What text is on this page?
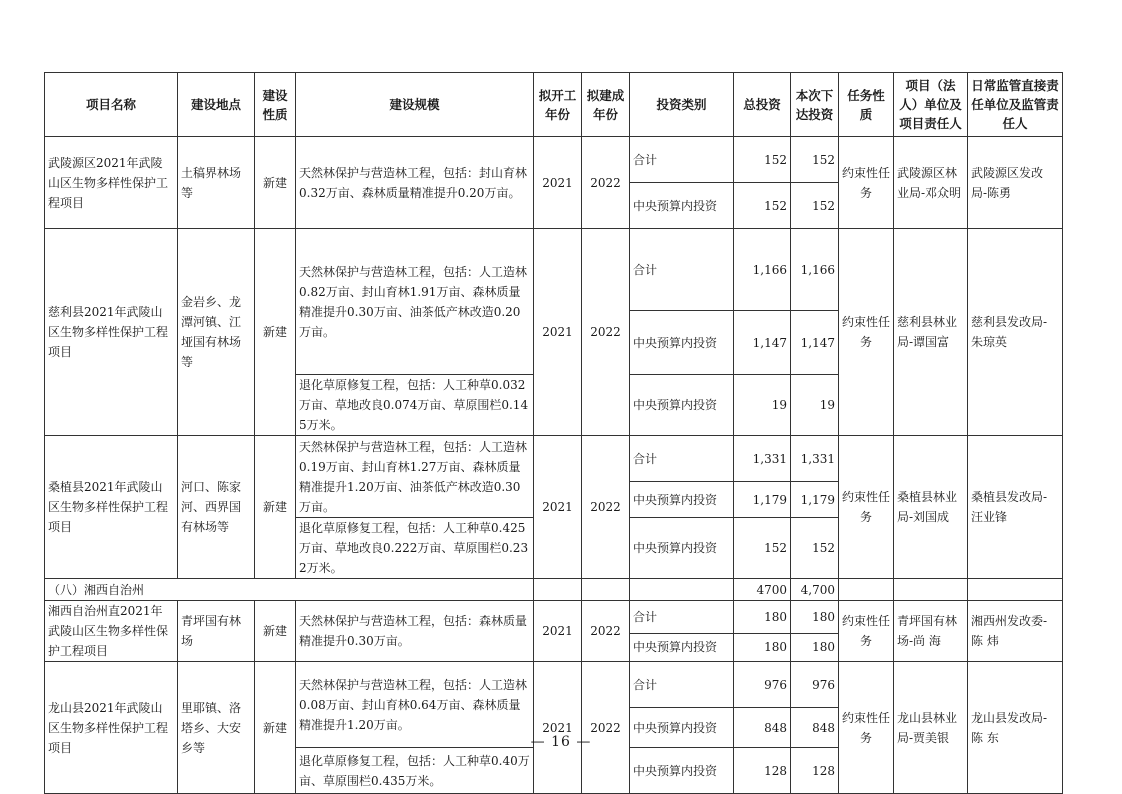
项目名称	建设地点	建设性质	建设规模	拟开工年份	拟建成年份	投资类别	总投资	本次下达投资	任务性质	项目（法人）单位及项目责任人	日常监管直接责任单位及监管责任人
武陵源区2021年武陵山区生物多样性保护工程项目	土稿界林场等	新建	天然林保护与营造林工程，包括：封山育林0.32万亩、森林质量精准提升0.20万亩。	2021	2022	合计	152	152	约束性任务	武陵源区林业局-邓众明	武陵源区发改局-陈勇
						中央预算内投资	152	152			
慈利县2021年武陵山区生物多样性保护工程项目	金岩乡、龙潭河镇、江垭国有林场等	新建	天然林保护与营造林工程，包括：人工造林0.82万亩、封山育林1.91万亩、森林质量精准提升0.30万亩、油茶低产林改造0.20万亩。	2021	2022	合计	1,166	1,166	约束性任务	慈利县林业局-谭国富	慈利县发改局-朱琼英
						中央预算内投资	1,147	1,147			
			退化草原修复工程，包括：人工种草0.032万亩、草地改良0.074万亩、草原围栏0.145万米。			中央预算内投资	19	19			
桑植县2021年武陵山区生物多样性保护工程项目	河口、陈家河、西界国有林场等	新建	天然林保护与营造林工程，包括：人工造林0.19万亩、封山育林1.27万亩、森林质量精准提升1.20万亩、油茶低产林改造0.30万亩。	2021	2022	合计	1,331	1,331	约束性任务	桑植县林业局-刘国成	桑植县发改局-汪业锋
						中央预算内投资	1,179	1,179			
			退化草原修复工程，包括：人工种草0.425万亩、草地改良0.222万亩、草原围栏0.232万米。			中央预算内投资	152	152			
（八）湘西自治州							4700	4,700			
湘西自治州直2021年武陵山区生物多样性保护工程项目	青坪国有林场	新建	天然林保护与营造林工程，包括：森林质量精准提升0.30万亩。	2021	2022	合计	180	180	约束性任务	青坪国有林场-尚 海	湘西州发改委-陈 炜
						中央预算内投资	180	180			
龙山县2021年武陵山区生物多样性保护工程项目	里耶镇、洛塔乡、大安乡等	新建	天然林保护与营造林工程，包括：人工造林0.08万亩、封山育林0.64万亩、森林质量精准提升1.20万亩。	2021	2022	合计	976	976	约束性任务	龙山县林业局-贾美银	龙山县发改局-陈 东
						中央预算内投资	848	848			
			退化草原修复工程，包括：人工种草0.40万亩、草原围栏0.435万米。			中央预算内投资	128	128			
— 16 —
